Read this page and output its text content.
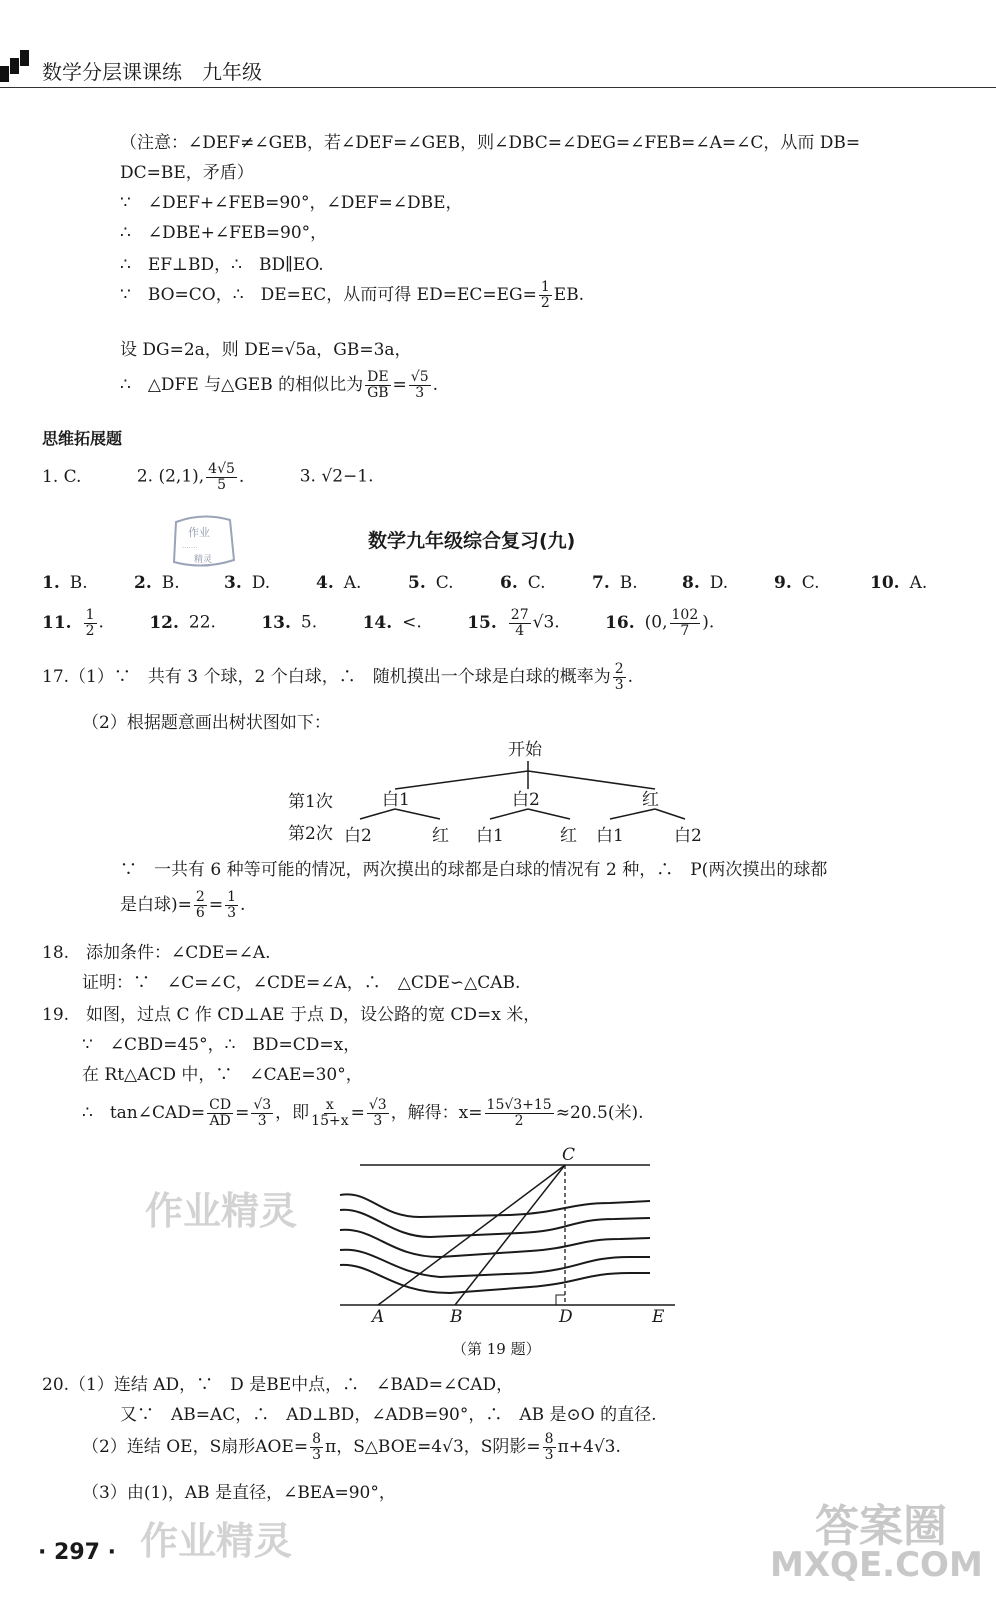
数学分层课课练　九年级
（注意：∠DEF≠∠GEB，若∠DEF=∠GEB，则∠DBC=∠DEG=∠FEB=∠A=∠C，从而 DB=
DC=BE，矛盾）
∵　∠DEF+∠FEB=90°，∠DEF=∠DBE，
∴　∠DBE+∠FEB=90°，
∴　EF⊥BD，∴　BD∥EO.
∵　BO=CO，∴　DE=EC，从而可得 $ED=EC=EG= \frac{1}{2}$ EB.
设 DG=2a，则 DE=√5a，GB=3a，
∴　△DFE 与△GEB 的相似比为 $\frac{DE}{GB} = \frac{√5}{3}$ .
思维拓展题
1. C.	2. (2,1), $\frac{4√5}{5}$ .	3. √2−1.
作业
·······
精灵
数学九年级综合复习(九)
1. B.	2. B.	3. D.	4. A.	5. C.	6. C.	7. B.	8. D.	9. C.	10. A.
11. $\frac{1}{2}$ . 12. 22.	13. 5.	14. <.	15. $\frac{27}{4} √3$.	16. (0, $\frac{102}{7}$ ).
17.（1）∵　共有 3 个球，2 个白球，∴　随机摸出一个球是白球的概率为 $\frac{2}{3}$ .
（2）根据题意画出树状图如下：
开始
第1次
第2次
白1	白2	红
白2	红 白1	红 白1	白2
∵　一共有 6 种等可能的情况，两次摸出的球都是白球的情况有 2 种，∴　P(两次摸出的球都
是白球)= $\frac{2}{6} = \frac{1}{3}$ .
18.　添加条件：∠CDE=∠A.
证明：∵　∠C=∠C，∠CDE=∠A，∴　△CDE∽△CAB.
19.　如图，过点 C 作 CD⊥AE 于点 D，设公路的宽 CD=x 米，
∵　∠CBD=45°，∴　BD=CD=x，
在 Rt△ACD 中，∵　∠CAE=30°，
∴　tan∠CAD= $\frac{CD}{AD} = \frac{√3}{3}$ ，即 $\frac{x}{15+x} = \frac{√3}{3}$ ，解得：$x= \frac{15√3+15}{2} \approx 20.5$(米).
C
A	B	D	E
（第 19 题）
20.（1）连结 AD，∵　D 是BE中点，∴　∠BAD=∠CAD，
又∵　AB=AC，∴　AD⊥BD，∠ADB=90°，∴　AB 是⊙O 的直径.
（2）连结 OE，S扇形$AOE= \frac{8}{3}$ π，S△BOE=4√3，S阴影= $\frac{8}{3} \pi+4√3$.
（3）由(1)，AB 是直径，∠BEA=90°，
· 297 ·
作业精灵
作业精灵	答案圈
MXQE.COM
